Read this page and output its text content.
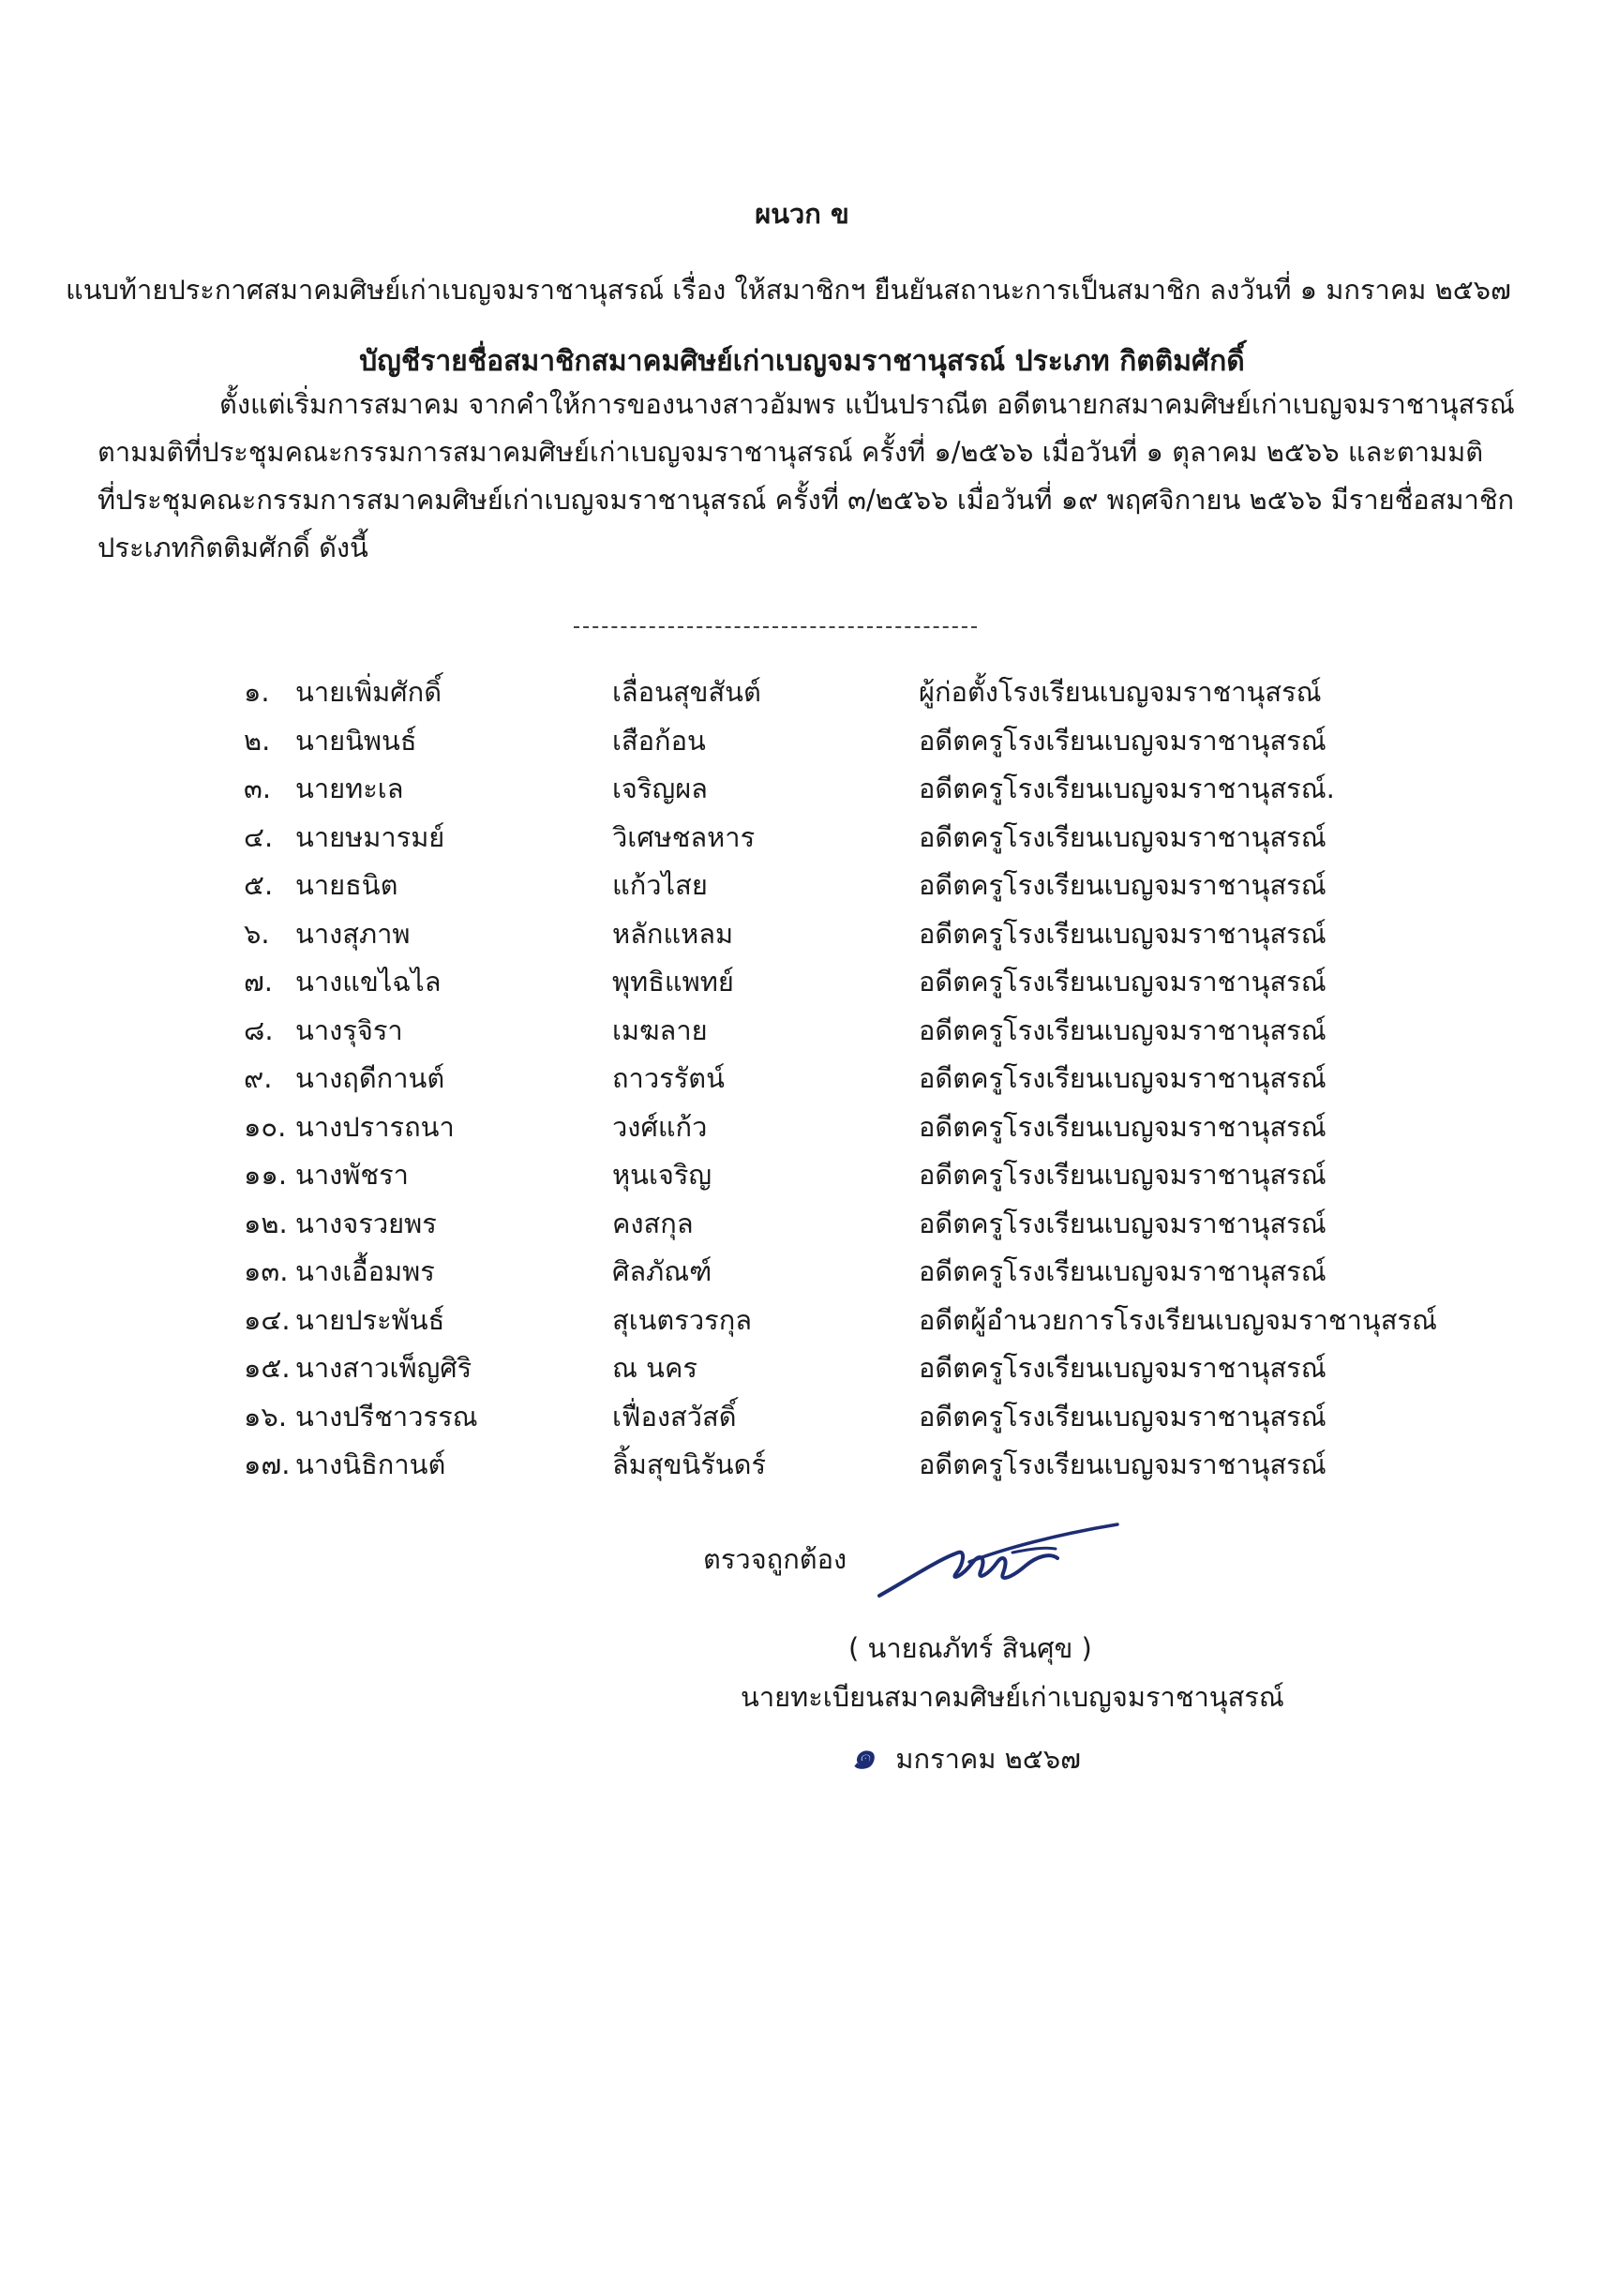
ผนวก ข
แนบท้ายประกาศสมาคมศิษย์เก่าเบญจมราชานุสรณ์ เรื่อง ให้สมาชิกฯ ยืนยันสถานะการเป็นสมาชิก ลงวันที่ ๑ มกราคม ๒๕๖๗
บัญชีรายชื่อสมาชิกสมาคมศิษย์เก่าเบญจมราชานุสรณ์ ประเภท กิตติมศักดิ์
ตั้งแต่เริ่มการสมาคม จากคำให้การของนางสาวอัมพร แป้นปราณีต อดีตนายกสมาคมศิษย์เก่าเบญจมราชานุสรณ์
ตามมติที่ประชุมคณะกรรมการสมาคมศิษย์เก่าเบญจมราชานุสรณ์ ครั้งที่ ๑/๒๕๖๖ เมื่อวันที่ ๑ ตุลาคม ๒๕๖๖ และตามมติ
ที่ประชุมคณะกรรมการสมาคมศิษย์เก่าเบญจมราชานุสรณ์ ครั้งที่ ๓/๒๕๖๖ เมื่อวันที่ ๑๙ พฤศจิกายน ๒๕๖๖ มีรายชื่อสมาชิก
ประเภทกิตติมศักดิ์ ดังนี้
๑. นายเพิ่มศักดิ์	เลื่อนสุขสันต์	ผู้ก่อตั้งโรงเรียนเบญจมราชานุสรณ์
๒. นายนิพนธ์	เสือก้อน	อดีตครูโรงเรียนเบญจมราชานุสรณ์
๓. นายทะเล	เจริญผล	อดีตครูโรงเรียนเบญจมราชานุสรณ์.
๔. นายษมารมย์	วิเศษชลหาร	อดีตครูโรงเรียนเบญจมราชานุสรณ์
๕. นายธนิต	แก้วไสย	อดีตครูโรงเรียนเบญจมราชานุสรณ์
๖. นางสุภาพ	หลักแหลม	อดีตครูโรงเรียนเบญจมราชานุสรณ์
๗. นางแขไฉไล	พุทธิแพทย์	อดีตครูโรงเรียนเบญจมราชานุสรณ์
๘. นางรุจิรา	เมฆลาย	อดีตครูโรงเรียนเบญจมราชานุสรณ์
๙. นางฤดีกานต์	ถาวรรัตน์	อดีตครูโรงเรียนเบญจมราชานุสรณ์
๑๐. นางปรารถนา	วงศ์แก้ว	อดีตครูโรงเรียนเบญจมราชานุสรณ์
๑๑. นางพัชรา	หุนเจริญ	อดีตครูโรงเรียนเบญจมราชานุสรณ์
๑๒. นางจรวยพร	คงสกุล	อดีตครูโรงเรียนเบญจมราชานุสรณ์
๑๓. นางเอื้อมพร	ศิลภัณฑ์	อดีตครูโรงเรียนเบญจมราชานุสรณ์
๑๔. นายประพันธ์	สุเนตรวรกุล	อดีตผู้อำนวยการโรงเรียนเบญจมราชานุสรณ์
๑๕. นางสาวเพ็ญศิริ	ณ นคร	อดีตครูโรงเรียนเบญจมราชานุสรณ์
๑๖. นางปรีชาวรรณ	เฟื่องสวัสดิ์	อดีตครูโรงเรียนเบญจมราชานุสรณ์
๑๗. นางนิธิกานต์	ลิ้มสุขนิรันดร์	อดีตครูโรงเรียนเบญจมราชานุสรณ์
ตรวจถูกต้อง
( นายณภัทร์ สินศุข )
นายทะเบียนสมาคมศิษย์เก่าเบญจมราชานุสรณ์
๑ มกราคม ๒๕๖๗
